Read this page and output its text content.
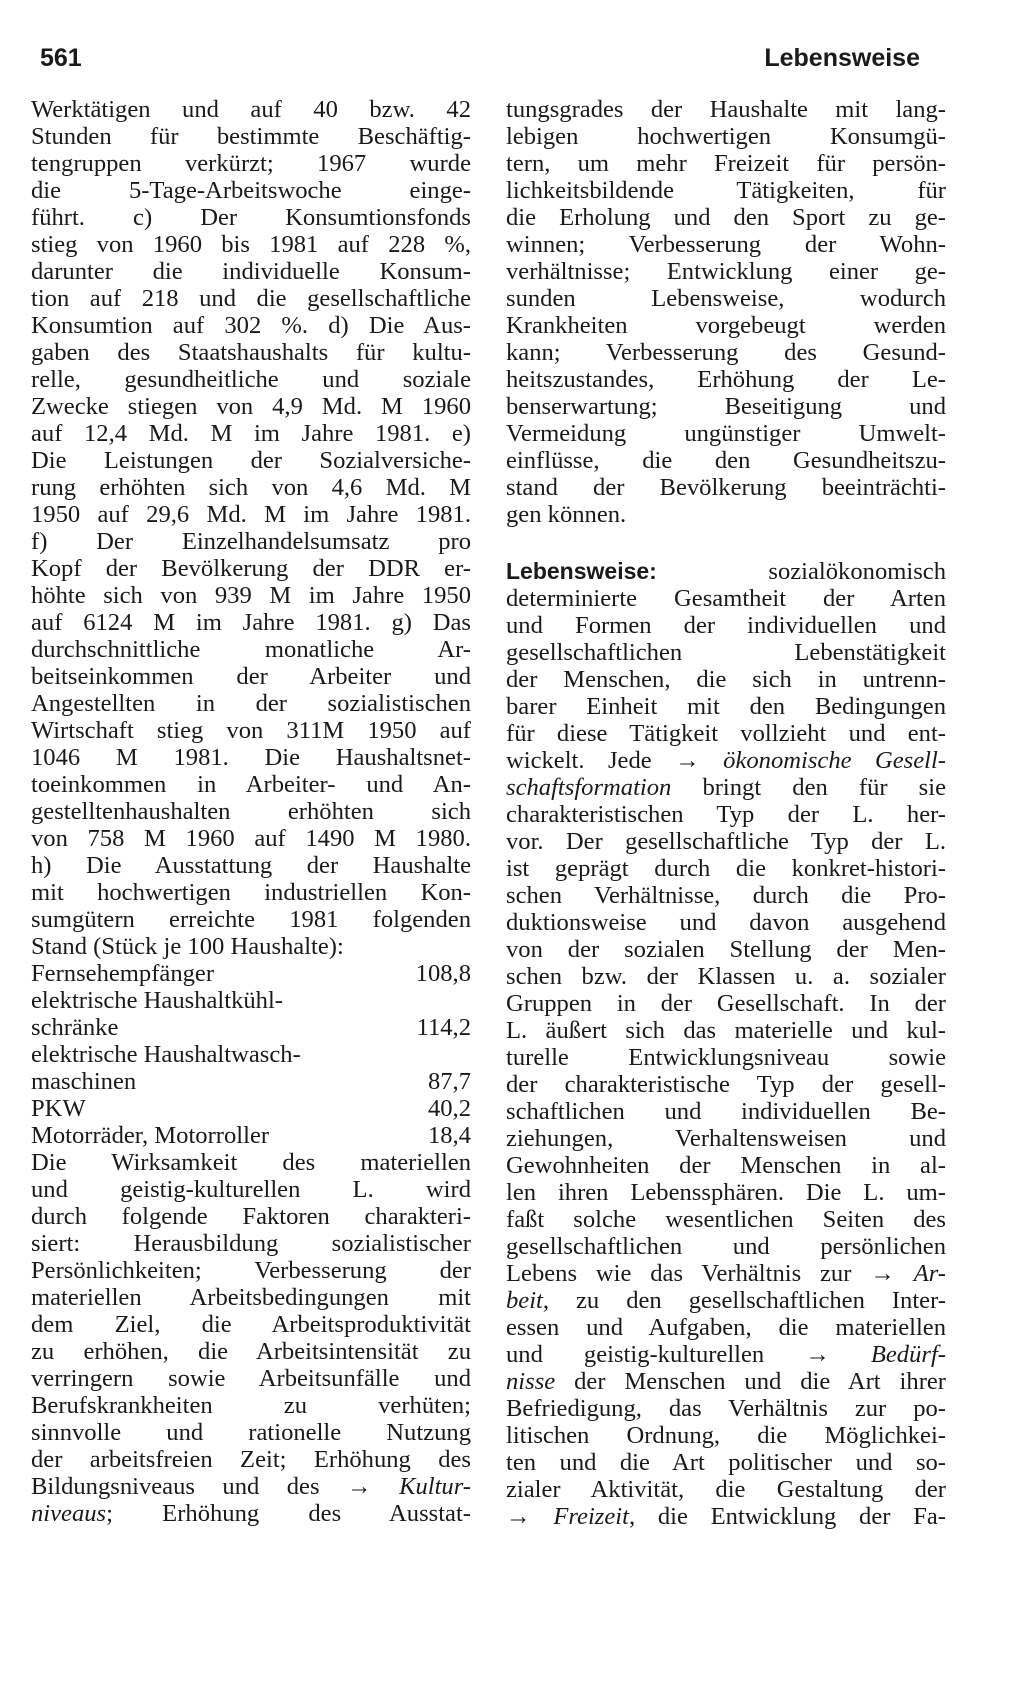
561	Lebensweise
Werktätigen und auf 40 bzw. 42
Stunden für bestimmte Beschäftig-
tengruppen verkürzt; 1967 wurde
die 5-Tage-Arbeitswoche einge-
führt. c) Der Konsumtionsfonds
stieg von 1960 bis 1981 auf 228 %,
darunter die individuelle Konsum-
tion auf 218 und die gesellschaftliche
Konsumtion auf 302 %. d) Die Aus-
gaben des Staatshaushalts für kultu-
relle, gesundheitliche und soziale
Zwecke stiegen von 4,9 Md. M 1960
auf 12,4 Md. M im Jahre 1981. e)
Die Leistungen der Sozialversiche-
rung erhöhten sich von 4,6 Md. M
1950 auf 29,6 Md. M im Jahre 1981.
f) Der Einzelhandelsumsatz pro
Kopf der Bevölkerung der DDR er-
höhte sich von 939 M im Jahre 1950
auf 6124 M im Jahre 1981. g) Das
durchschnittliche monatliche Ar-
beitseinkommen der Arbeiter und
Angestellten in der sozialistischen
Wirtschaft stieg von 311M 1950 auf
1046 M 1981. Die Haushaltsnet-
toeinkommen in Arbeiter- und An-
gestelltenhaushalten erhöhten sich
von 758 M 1960 auf 1490 M 1980.
h) Die Ausstattung der Haushalte
mit hochwertigen industriellen Kon-
sumgütern erreichte 1981 folgenden
Stand (Stück je 100 Haushalte):
Fernsehempfänger	108,8
elektrische Haushaltkühl-
schränke	114,2
elektrische Haushaltwasch-
maschinen	87,7
PKW	40,2
Motorräder, Motorroller	18,4
Die Wirksamkeit des materiellen
und geistig-kulturellen L. wird
durch folgende Faktoren charakteri-
siert: Herausbildung sozialistischer
Persönlichkeiten; Verbesserung der
materiellen Arbeitsbedingungen mit
dem Ziel, die Arbeitsproduktivität
zu erhöhen, die Arbeitsintensität zu
verringern sowie Arbeitsunfälle und
Berufskrankheiten zu verhüten;
sinnvolle und rationelle Nutzung
der arbeitsfreien Zeit; Erhöhung des
Bildungsniveaus und des → Kultur-
niveaus; Erhöhung des Ausstat-
tungsgrades der Haushalte mit lang-
lebigen hochwertigen Konsumgü-
tern, um mehr Freizeit für persön-
lichkeitsbildende Tätigkeiten, für
die Erholung und den Sport zu ge-
winnen; Verbesserung der Wohn-
verhältnisse; Entwicklung einer ge-
sunden Lebensweise, wodurch
Krankheiten vorgebeugt werden
kann; Verbesserung des Gesund-
heitszustandes, Erhöhung der Le-
benserwartung; Beseitigung und
Vermeidung ungünstiger Umwelt-
einflüsse, die den Gesundheitszu-
stand der Bevölkerung beeinträchti-
gen können.
Lebensweise: sozialökonomisch
determinierte Gesamtheit der Arten
und Formen der individuellen und
gesellschaftlichen Lebenstätigkeit
der Menschen, die sich in untrenn-
barer Einheit mit den Bedingungen
für diese Tätigkeit vollzieht und ent-
wickelt. Jede → ökonomische Gesell-
schaftsformation bringt den für sie
charakteristischen Typ der L. her-
vor. Der gesellschaftliche Typ der L.
ist geprägt durch die konkret-histori-
schen Verhältnisse, durch die Pro-
duktionsweise und davon ausgehend
von der sozialen Stellung der Men-
schen bzw. der Klassen u. a. sozialer
Gruppen in der Gesellschaft. In der
L. äußert sich das materielle und kul-
turelle Entwicklungsniveau sowie
der charakteristische Typ der gesell-
schaftlichen und individuellen Be-
ziehungen, Verhaltensweisen und
Gewohnheiten der Menschen in al-
len ihren Lebenssphären. Die L. um-
faßt solche wesentlichen Seiten des
gesellschaftlichen und persönlichen
Lebens wie das Verhältnis zur → Ar-
beit, zu den gesellschaftlichen Inter-
essen und Aufgaben, die materiellen
und geistig-kulturellen → Bedürf-
nisse der Menschen und die Art ihrer
Befriedigung, das Verhältnis zur po-
litischen Ordnung, die Möglichkei-
ten und die Art politischer und so-
zialer Aktivität, die Gestaltung der
→ Freizeit, die Entwicklung der Fa-
